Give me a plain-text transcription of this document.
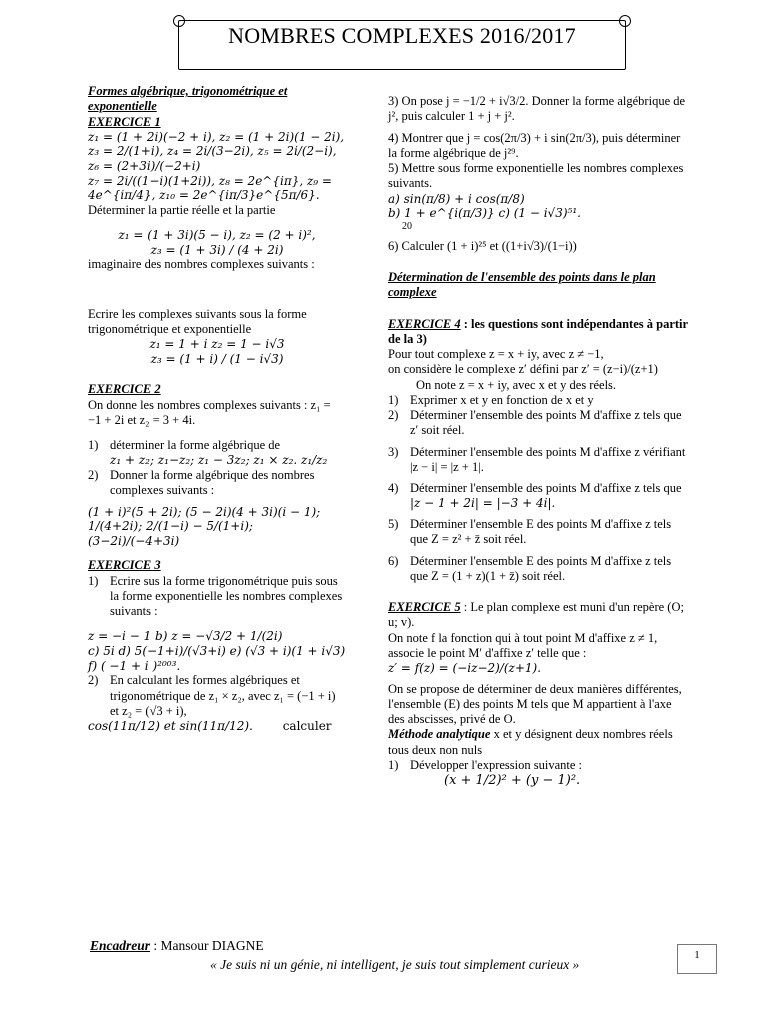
NOMBRES COMPLEXES 2016/2017

Formes algébrique, trigonométrique et exponentielle

EXERCICE 1

z₁ = (1 + 2i)(−2 + i), z₂ = (1 + 2i)(1 − 2i), z₃ = 2/(1+i), z₄ = 2i/(3−2i), z₅ = 2i/(2−i), z₆ = (2+3i)/(−2+i)

z₇ = 2i/((1−i)(1+2i)), z₈ = 2e^{iπ}, z₉ = 4e^{iπ/4}, z₁₀ = 2e^{iπ/3}e^{5π/6}.

Déterminer la partie réelle et la partie

z₁ = (1 + 3i)(5 − i), z₂ = (2 + i)²,

z₃ = (1 + 3i) / (4 + 2i)

imaginaire des nombres complexes suivants :

Ecrire les complexes suivants sous la forme trigonométrique et exponentielle

z₁ = 1 + i z₂ = 1 − i√3

z₃ = (1 + i) / (1 − i√3)

EXERCICE 2

On donne les nombres complexes suivants : z₁ = −1 + 2i et z₂ = 3 + 4i.

1) déterminer la forme algébrique de

z₁ + z₂; z₁−z₂; z₁ − 3z₂; z₁ × z₂. z₁/z₂

2) Donner la forme algébrique des nombres complexes suivants :

(1 + i)²(5 + 2i); (5 − 2i)(4 + 3i)(i − 1);

1/(4+2i); 2/(1−i) − 5/(1+i); (3−2i)/(−4+3i)

EXERCICE 3

1) Ecrire sus la forme trigonométrique puis sous la forme exponentielle les nombres complexes suivants :

z = −i − 1 b) z = −√3/2 + 1/(2i)

c) 5i d) 5(−1+i)/(√3+i) e) (√3 + i)(1 + i√3)

f) ( −1 + i )²⁰⁰³.

2) En calculant les formes algébriques et trigonométrique de z₁ × z₂, avec z₁ = (−1 + i) et z₂ = (√3 + i),

cos(11π/12) et sin(11π/12). calculer

3) On pose j = −1/2 + i√3/2. Donner la forme algébrique de j², puis calculer 1 + j + j².

4) Montrer que j = cos(2π/3) + i sin(2π/3), puis déterminer la forme algébrique de j²⁹.

5) Mettre sous forme exponentielle les nombres complexes suivants.

a) sin(π/8) + i cos(π/8)

b) 1 + e^{i(π/3)} c) (1 − i√3)⁵¹.

20

6) Calculer (1 + i)²⁵ et ((1+i√3)/(1−i))

Détermination de l'ensemble des points dans le plan complexe

EXERCICE 4 : les questions sont indépendantes à partir de la 3)

Pour tout complexe z = x + iy, avec z ≠ −1,

on considère le complexe z′ défini par z′ = (z−i)/(z+1)

On note z = x + iy, avec x et y des réels.

1) Exprimer x et y en fonction de x et y
2) Déterminer l'ensemble des points M d'affixe z tels que z′ soit réel.
3) Déterminer l'ensemble des points M d'affixe z vérifiant |z − i| = |z + 1|.
4) Déterminer l'ensemble des points M d'affixe z tels que

|z − 1 + 2i| = |−3 + 4i|.

5) Déterminer l'ensemble E des points M d'affixe z tels que Z = z² + z̄ soit réel.
6) Déterminer l'ensemble E des points M d'affixe z tels que Z = (1 + z)(1 + z̄) soit réel.

EXERCICE 5 : Le plan complexe est muni d'un repère (O; u; v).

On note f la fonction qui à tout point M d'affixe z ≠ 1, associe le point M′ d'affixe z′ telle que :

z′ = f(z) = (−iz−2)/(z+1).

On se propose de déterminer de deux manières différentes, l'ensemble (E) des points M tels que M appartient à l'axe des abscisses, privé de O.

Méthode analytique x et y désignent deux nombres réels tous deux non nuls

1) Développer l'expression suivante :

(x + 1/2)² + (y − 1)².

Encadreur : Mansour DIAGNE

« Je suis ni un génie, ni intelligent, je suis tout simplement curieux »

1
